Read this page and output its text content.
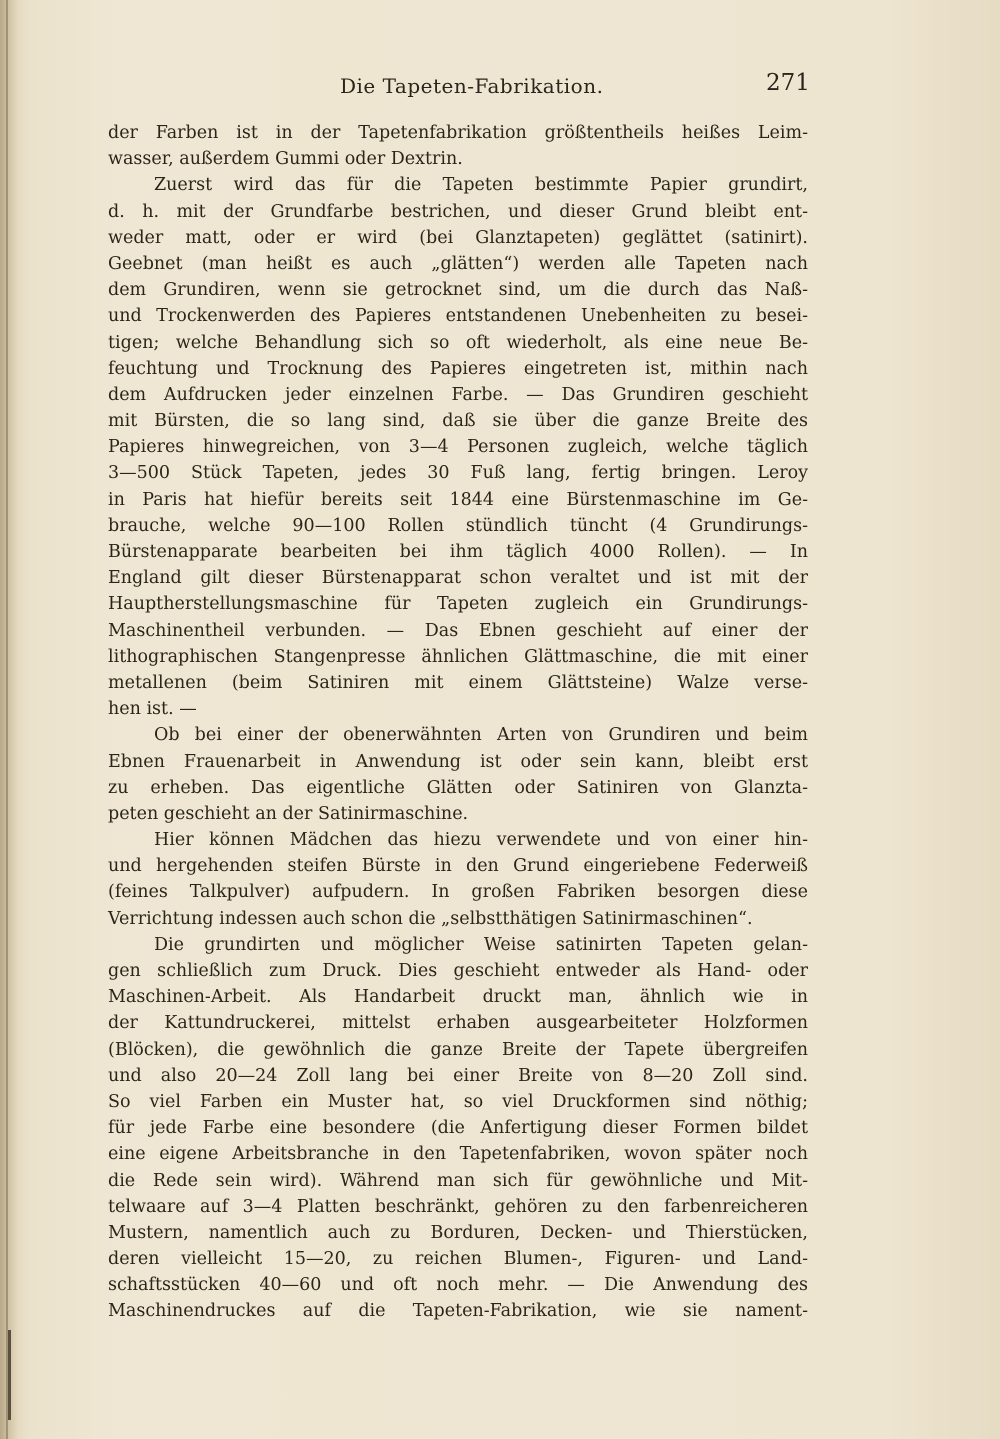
Die Tapeten-Fabrikation.	271
der Farben ist in der Tapetenfabrikation größtentheils heißes Leim-
wasser, außerdem Gummi oder Dextrin.
Zuerst wird das für die Tapeten bestimmte Papier grundirt,
d. h. mit der Grundfarbe bestrichen, und dieser Grund bleibt ent-
weder matt, oder er wird (bei Glanztapeten) geglättet (satinirt).
Geebnet (man heißt es auch „glätten“) werden alle Tapeten nach
dem Grundiren, wenn sie getrocknet sind, um die durch das Naß-
und Trockenwerden des Papieres entstandenen Unebenheiten zu besei-
tigen; welche Behandlung sich so oft wiederholt, als eine neue Be-
feuchtung und Trocknung des Papieres eingetreten ist, mithin nach
dem Aufdrucken jeder einzelnen Farbe. — Das Grundiren geschieht
mit Bürsten, die so lang sind, daß sie über die ganze Breite des
Papieres hinwegreichen, von 3—4 Personen zugleich, welche täglich
3—500 Stück Tapeten, jedes 30 Fuß lang, fertig bringen. Leroy
in Paris hat hiefür bereits seit 1844 eine Bürstenmaschine im Ge-
brauche, welche 90—100 Rollen stündlich tüncht (4 Grundirungs-
Bürstenapparate bearbeiten bei ihm täglich 4000 Rollen). — In
England gilt dieser Bürstenapparat schon veraltet und ist mit der
Hauptherstellungsmaschine für Tapeten zugleich ein Grundirungs-
Maschinentheil verbunden. — Das Ebnen geschieht auf einer der
lithographischen Stangenpresse ähnlichen Glättmaschine, die mit einer
metallenen (beim Satiniren mit einem Glättsteine) Walze verse-
hen ist. —
Ob bei einer der obenerwähnten Arten von Grundiren und beim
Ebnen Frauenarbeit in Anwendung ist oder sein kann, bleibt erst
zu erheben. Das eigentliche Glätten oder Satiniren von Glanzta-
peten geschieht an der Satinirmaschine.
Hier können Mädchen das hiezu verwendete und von einer hin-
und hergehenden steifen Bürste in den Grund eingeriebene Federweiß
(feines Talkpulver) aufpudern. In großen Fabriken besorgen diese
Verrichtung indessen auch schon die „selbstthätigen Satinirmaschinen“.
Die grundirten und möglicher Weise satinirten Tapeten gelan-
gen schließlich zum Druck. Dies geschieht entweder als Hand- oder
Maschinen-Arbeit. Als Handarbeit druckt man, ähnlich wie in
der Kattundruckerei, mittelst erhaben ausgearbeiteter Holzformen
(Blöcken), die gewöhnlich die ganze Breite der Tapete übergreifen
und also 20—24 Zoll lang bei einer Breite von 8—20 Zoll sind.
So viel Farben ein Muster hat, so viel Druckformen sind nöthig;
für jede Farbe eine besondere (die Anfertigung dieser Formen bildet
eine eigene Arbeitsbranche in den Tapetenfabriken, wovon später noch
die Rede sein wird). Während man sich für gewöhnliche und Mit-
telwaare auf 3—4 Platten beschränkt, gehören zu den farbenreicheren
Mustern, namentlich auch zu Borduren, Decken- und Thierstücken,
deren vielleicht 15—20, zu reichen Blumen-, Figuren- und Land-
schaftsstücken 40—60 und oft noch mehr. — Die Anwendung des
Maschinendruckes auf die Tapeten-Fabrikation, wie sie nament-
